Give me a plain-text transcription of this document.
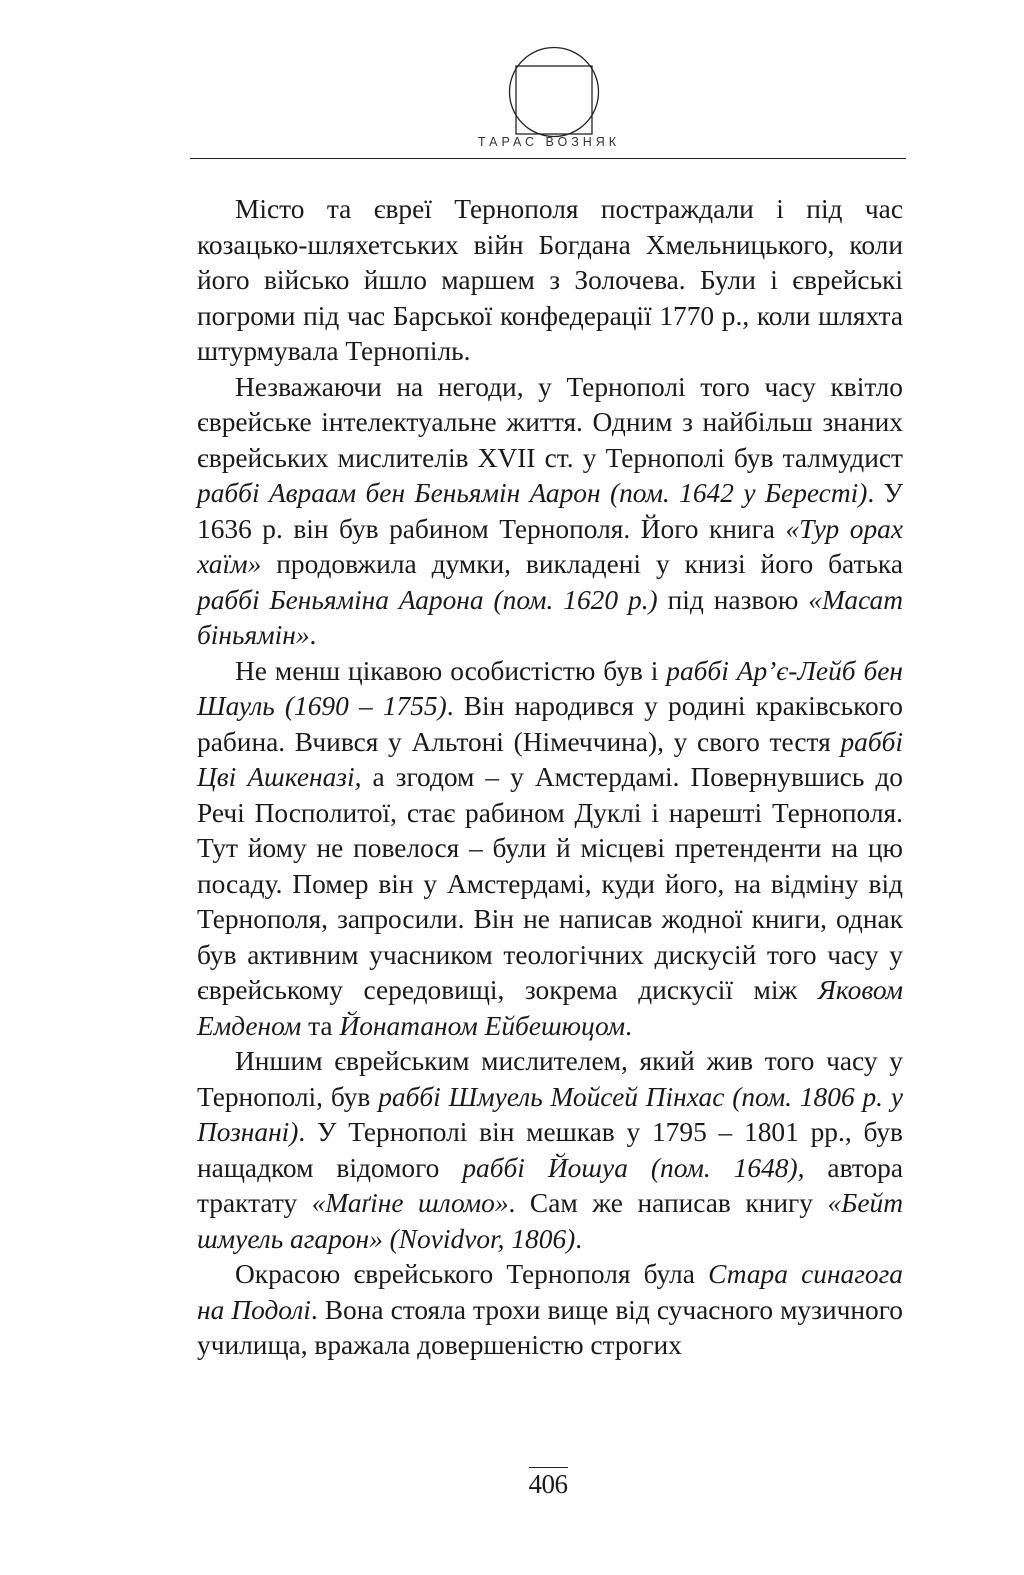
ТАРАС ВОЗНЯК

Місто та євреї Тернополя постраждали і під час козацько-шляхетських війн Богдана Хмельницького, коли його військо йшло маршем з Золочева. Були і єврейські погроми під час Барської конфедерації 1770 р., коли шляхта штурмувала Тернопіль.

Незважаючи на негоди, у Тернополі того часу квітло єврейське інтелектуальне життя. Одним з найбільш знаних єврейських мислителів XVII ст. у Тернополі був талмудист раббі Авраам бен Беньямін Аарон (пом. 1642 у Бересті). У 1636 р. він був рабином Тернополя. Його книга «Тур орах хаїм» продовжила думки, викладені у книзі його батька раббі Беньяміна Аарона (пом. 1620 р.) під назвою «Масат біньямін».

Не менш цікавою особистістю був і раббі Ар’є-Лейб бен Шауль (1690 – 1755). Він народився у родині краківського рабина. Вчився у Альтоні (Німеччина), у свого тестя раббі Цві Ашкеназі, а згодом – у Амстердамі. Повернувшись до Речі Посполитої, стає рабином Дуклі і нарешті Тернополя. Тут йому не повелося – були й місцеві претенденти на цю посаду. Помер він у Амстердамі, куди його, на відміну від Тернополя, запросили. Він не написав жодної книги, однак був активним учасником теологічних дискусій того часу у єврейському середовищі, зокрема дискусії між Яковом Емденом та Йонатаном Ейбешюцом.

Иншим єврейським мислителем, який жив того часу у Тернополі, був раббі Шмуель Мойсей Пінхас (пом. 1806 р. у Познані). У Тернополі він мешкав у 1795 – 1801 рр., був нащадком відомого раббі Йошуа (пом. 1648), автора трактату «Маґіне шломо». Сам же написав книгу «Бейт шмуель агарон» (Novidvor, 1806).

Окрасою єврейського Тернополя була Стара синагога на Подолі. Вона стояла трохи вище від сучасного музичного училища, вражала довершеністю строгих

406
